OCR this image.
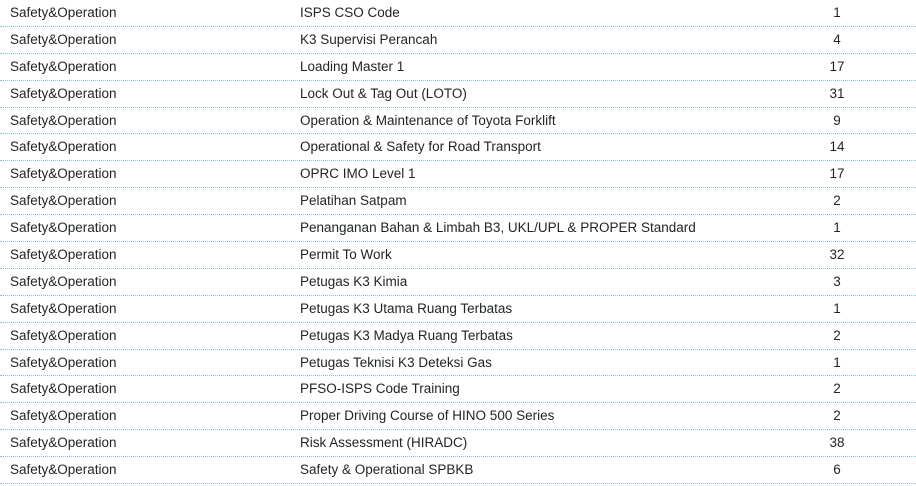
Safety&Operation	ISPS CSO Code	1
Safety&Operation	K3 Supervisi Perancah	4
Safety&Operation	Loading Master 1	17
Safety&Operation	Lock Out & Tag Out (LOTO)	31
Safety&Operation	Operation & Maintenance of Toyota Forklift	9
Safety&Operation	Operational & Safety for Road Transport	14
Safety&Operation	OPRC IMO Level 1	17
Safety&Operation	Pelatihan Satpam	2
Safety&Operation	Penanganan Bahan & Limbah B3, UKL/UPL & PROPER Standard	1
Safety&Operation	Permit To Work	32
Safety&Operation	Petugas K3 Kimia	3
Safety&Operation	Petugas K3 Utama Ruang Terbatas	1
Safety&Operation	Petugas K3 Madya Ruang Terbatas	2
Safety&Operation	Petugas Teknisi K3 Deteksi Gas	1
Safety&Operation	PFSO-ISPS Code Training	2
Safety&Operation	Proper Driving Course of HINO 500 Series	2
Safety&Operation	Risk Assessment (HIRADC)	38
Safety&Operation	Safety & Operational SPBKB	6
